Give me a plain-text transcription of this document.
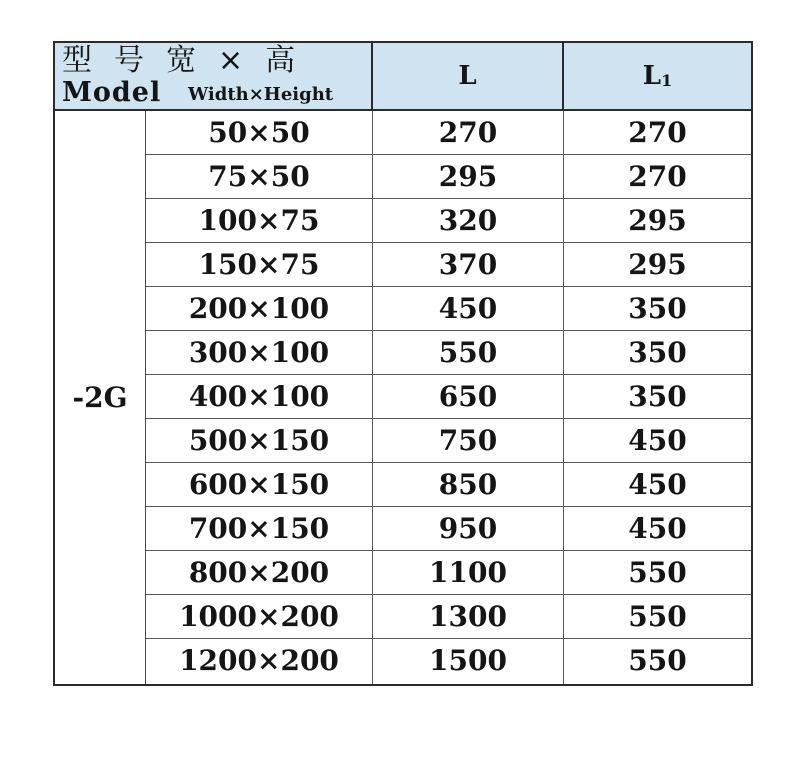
型号宽×高
Model Width×Height
L	$L_1$
-2G
50×50	270	270
75×50	295	270
100×75	320	295
150×75	370	295
200×100	450	350
300×100	550	350
400×100	650	350
500×150	750	450
600×150	850	450
700×150	950	450
800×200	1100	550
1000×200	1300	550
1200×200	1500	550
